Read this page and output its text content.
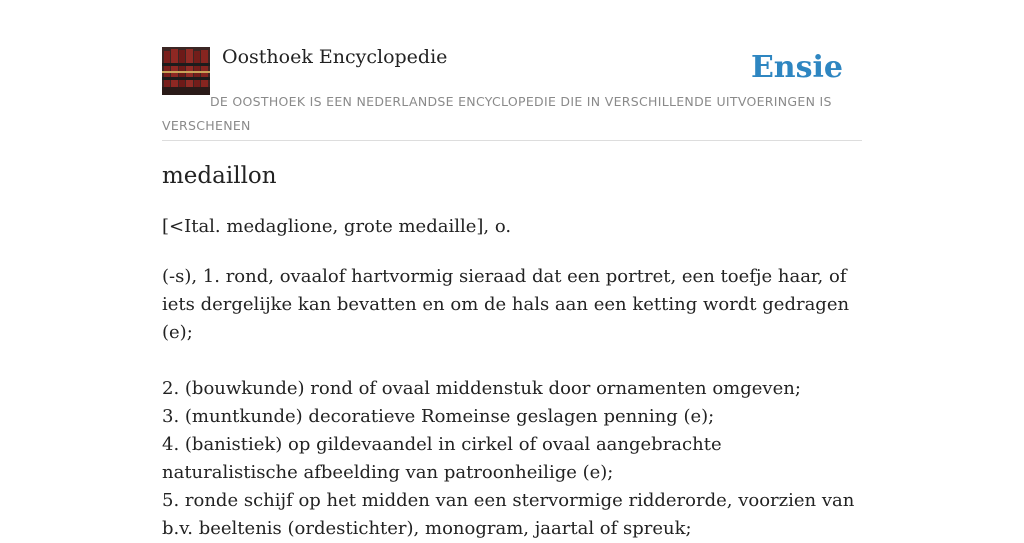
Oosthoek Encyclopedie	Ensie
DE OOSTHOEK IS EEN NEDERLANDSE ENCYCLOPEDIE DIE IN VERSCHILLENDE UITVOERINGEN IS VERSCHENEN
medaillon
[<Ital. medaglione, grote medaille], o.
(-s), 1. rond, ovaalof hartvormig sieraad dat een portret, een toefje haar, of iets dergelijke kan bevatten en om de hals aan een ketting wordt gedragen (e);
2. (bouwkunde) rond of ovaal middenstuk door ornamenten omgeven;
3. (muntkunde) decoratieve Romeinse geslagen penning (e);
4. (banistiek) op gildevaandel in cirkel of ovaal aangebrachte naturalistische afbeelding van patroonheilige (e);
5. ronde schijf op het midden van een stervormige ridderorde, voorzien van b.v. beeltenis (ordestichter), monogram, jaartal of spreuk;
